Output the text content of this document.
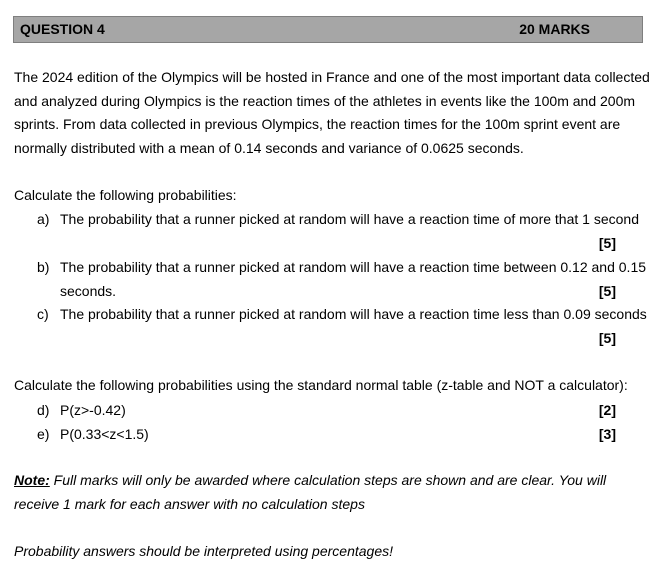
QUESTION 4	20 MARKS
The 2024 edition of the Olympics will be hosted in France and one of the most important data collected and analyzed during Olympics is the reaction times of the athletes in events like the 100m and 200m sprints. From data collected in previous Olympics, the reaction times for the 100m sprint event are normally distributed with a mean of 0.14 seconds and variance of 0.0625 seconds.
Calculate the following probabilities:
a) The probability that a runner picked at random will have a reaction time of more that 1 second
[5]
b) The probability that a runner picked at random will have a reaction time between 0.12 and 0.15
seconds.	[5]
c) The probability that a runner picked at random will have a reaction time less than 0.09 seconds
[5]
Calculate the following probabilities using the standard normal table (z-table and NOT a calculator):
d) P(z>-0.42)	[2]
e) P(0.33<z<1.5)	[3]
Note: Full marks will only be awarded where calculation steps are shown and are clear. You will
receive 1 mark for each answer with no calculation steps
Probability answers should be interpreted using percentages!
